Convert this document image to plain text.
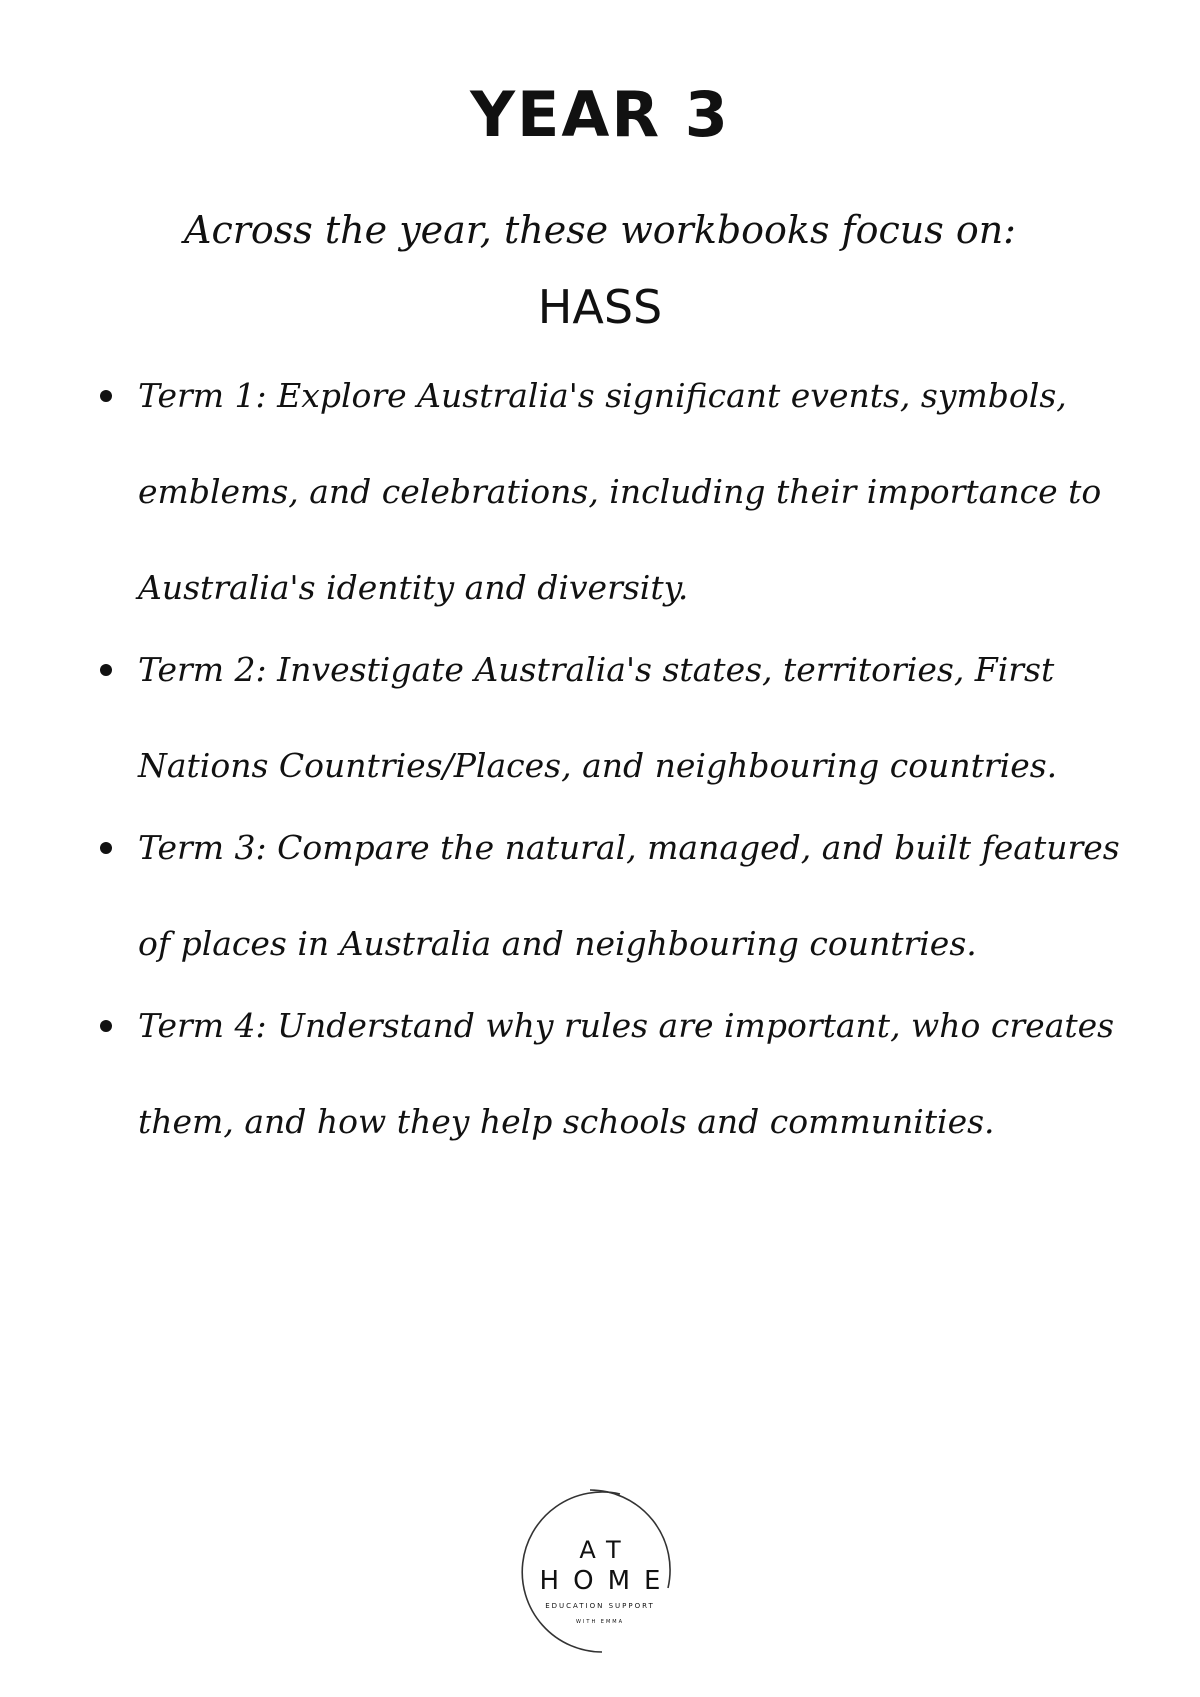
YEAR 3

Across the year, these workbooks focus on:

HASS

Term 1: Explore Australia's significant events, symbols, emblems, and celebrations, including their importance to Australia's identity and diversity.
Term 2: Investigate Australia's states, territories, First Nations Countries/Places, and neighbouring countries.
Term 3: Compare the natural, managed, and built features of places in Australia and neighbouring countries.
Term 4: Understand why rules are important, who creates them, and how they help schools and communities.
AT
HOME
EDUCATION SUPPORT
WITH EMMA
